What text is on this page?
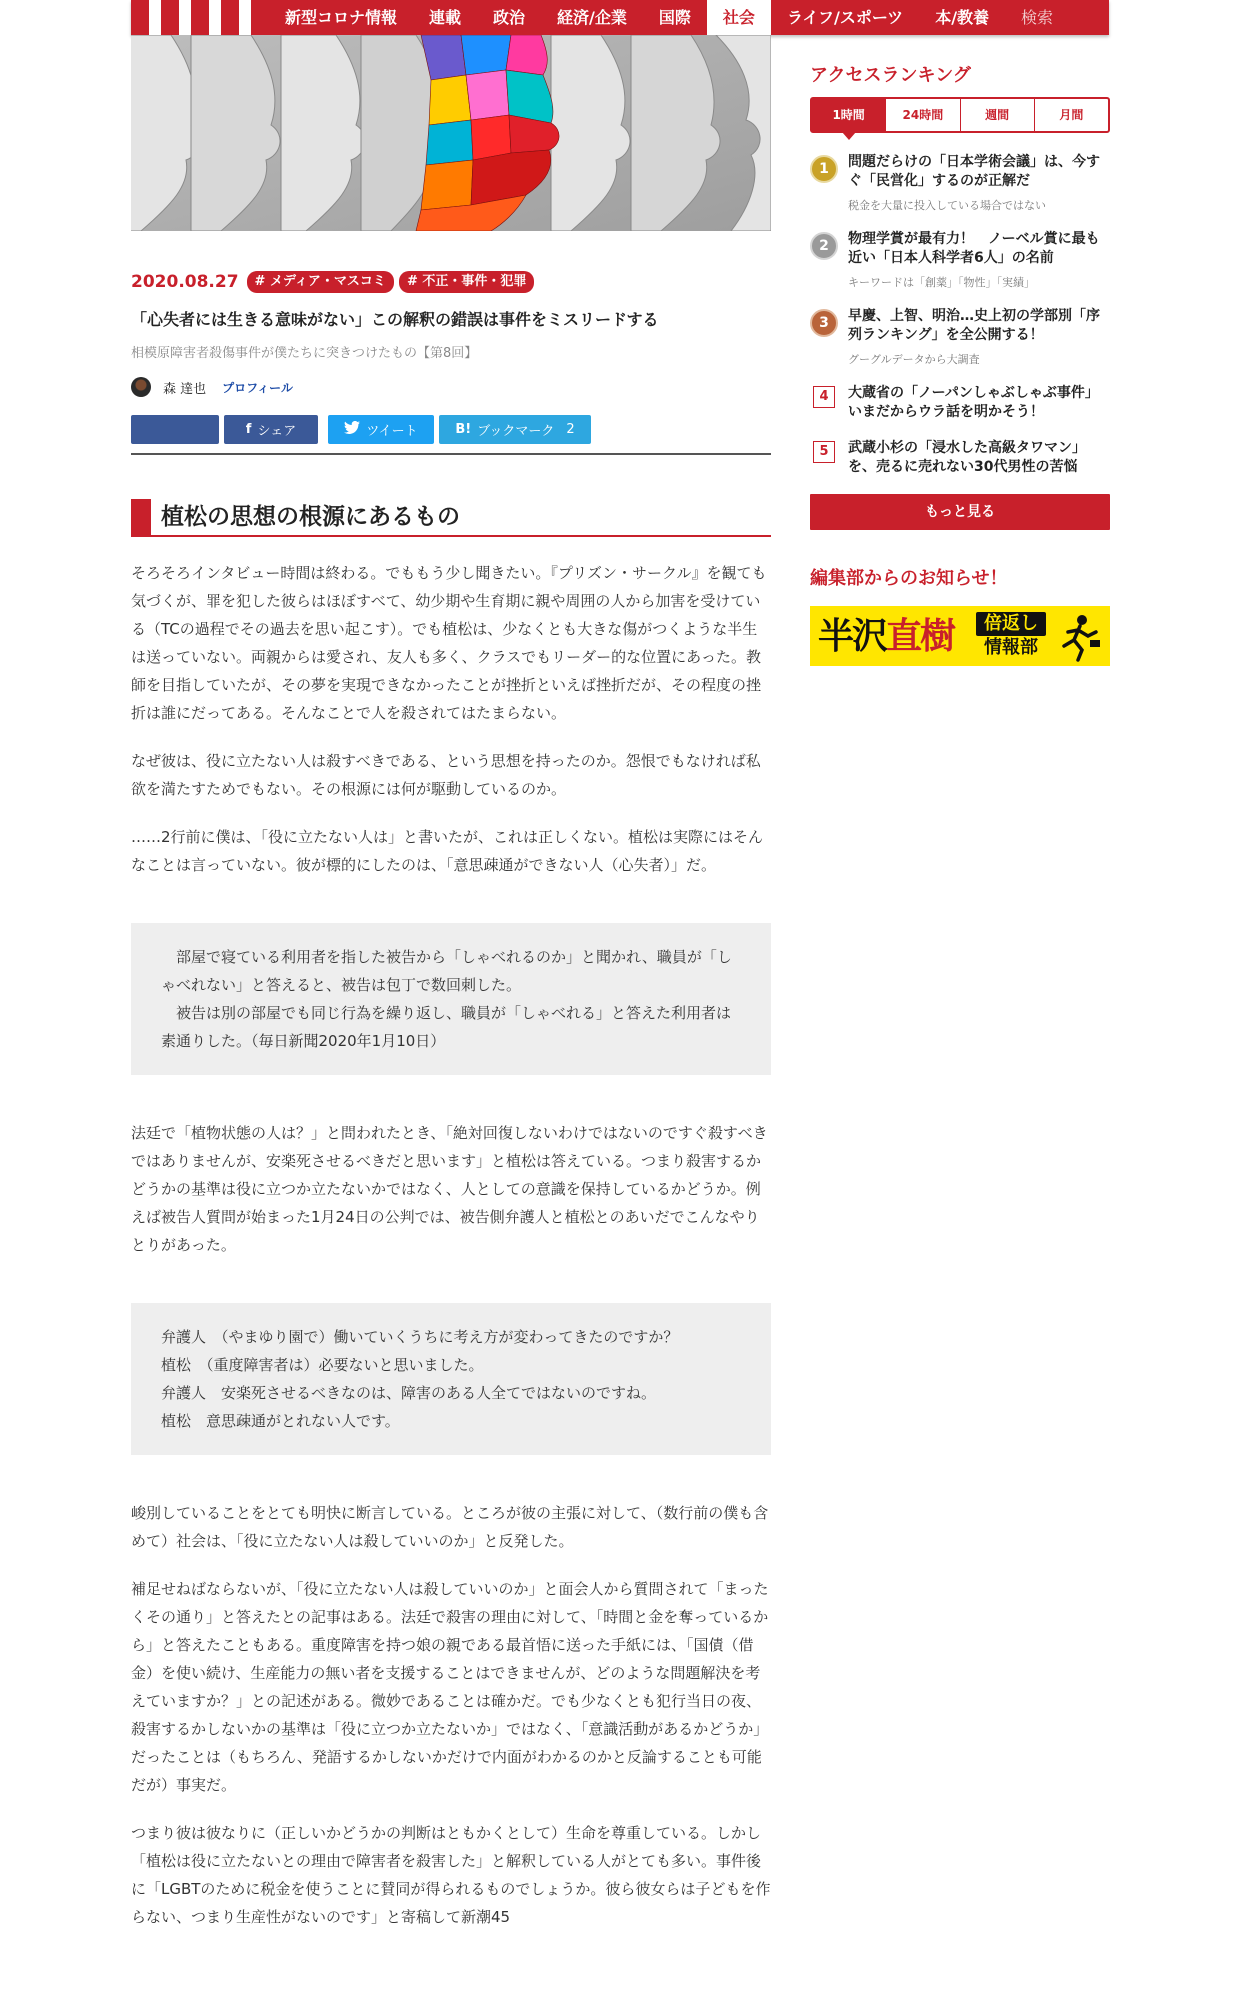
新型コロナ情報	連載	政治	経済/企業	国際	社会	ライフ/スポーツ	本/教養	検索
2020.08.27	# メディア・マスコミ	# 不正・事件・犯罪
「心失者には生きる意味がない」この解釈の錯誤は事件をミスリードする
相模原障害者殺傷事件が僕たちに突きつけたもの【第8回】
森 達也 プロフィール
f シェア	ツイート	B! ブックマーク 2
植松の思想の根源にあるもの

そろそろインタビュー時間は終わる。でももう少し聞きたい。『プリズン・サークル』を観ても気づくが、罪を犯した彼らはほぼすべて、幼少期や生育期に親や周囲の人から加害を受けている（TCの過程でその過去を思い起こす）。でも植松は、少なくとも大きな傷がつくような半生は送っていない。両親からは愛され、友人も多く、クラスでもリーダー的な位置にあった。教師を目指していたが、その夢を実現できなかったことが挫折といえば挫折だが、その程度の挫折は誰にだってある。そんなことで人を殺されてはたまらない。

なぜ彼は、役に立たない人は殺すべきである、という思想を持ったのか。怨恨でもなければ私欲を満たすためでもない。その根源には何が駆動しているのか。

……2行前に僕は、「役に立たない人は」と書いたが、これは正しくない。植松は実際にはそんなことは言っていない。彼が標的にしたのは、「意思疎通ができない人（心失者）」だ。

　部屋で寝ている利用者を指した被告から「しゃべれるのか」と聞かれ、職員が「しゃべれない」と答えると、被告は包丁で数回刺した。
　被告は別の部屋でも同じ行為を繰り返し、職員が「しゃべれる」と答えた利用者は素通りした。（毎日新聞2020年1月10日）

法廷で「植物状態の人は？」と問われたとき、「絶対回復しないわけではないのですぐ殺すべきではありませんが、安楽死させるべきだと思います」と植松は答えている。つまり殺害するかどうかの基準は役に立つか立たないかではなく、人としての意識を保持しているかどうか。例えば被告人質問が始まった1月24日の公判では、被告側弁護人と植松とのあいだでこんなやりとりがあった。

弁護人　（やまゆり園で）働いていくうちに考え方が変わってきたのですか？
植松　（重度障害者は）必要ないと思いました。
弁護人　安楽死させるべきなのは、障害のある人全てではないのですね。
植松　意思疎通がとれない人です。

峻別していることをとても明快に断言している。ところが彼の主張に対して、（数行前の僕も含めて）社会は、「役に立たない人は殺していいのか」と反発した。

補足せねばならないが、「役に立たない人は殺していいのか」と面会人から質問されて「まったくその通り」と答えたとの記事はある。法廷で殺害の理由に対して、「時間と金を奪っているから」と答えたこともある。重度障害を持つ娘の親である最首悟に送った手紙には、「国債（借金）を使い続け、生産能力の無い者を支援することはできませんが、どのような問題解決を考えていますか？」との記述がある。微妙であることは確かだ。でも少なくとも犯行当日の夜、殺害するかしないかの基準は「役に立つか立たないか」ではなく、「意識活動があるかどうか」だったことは（もちろん、発語するかしないかだけで内面がわかるのかと反論することも可能だが）事実だ。

つまり彼は彼なりに（正しいかどうかの判断はともかくとして）生命を尊重している。しかし「植松は役に立たないとの理由で障害者を殺害した」と解釈している人がとても多い。事件後に「LGBTのために税金を使うことに賛同が得られるものでしょうか。彼ら彼女らは子どもを作らない、つまり生産性がないのです」と寄稿して新潮45

アクセスランキング
1時間	24時間	週間	月間
1	問題だらけの「日本学術会議」は、今すぐ「民営化」するのが正解だ
税金を大量に投入している場合ではない
2	物理学賞が最有力！　ノーベル賞に最も近い「日本人科学者6人」の名前
キーワードは「創薬」「物性」「実績」
3	早慶、上智、明治…史上初の学部別「序列ランキング」を全公開する！
グーグルデータから大調査
4	大蔵省の「ノーパンしゃぶしゃぶ事件」いまだからウラ話を明かそう！
5	武蔵小杉の「浸水した高級タワマン」を、売るに売れない30代男性の苦悩
もっと見る
編集部からのお知らせ！
半沢直樹	倍返し
情報部
